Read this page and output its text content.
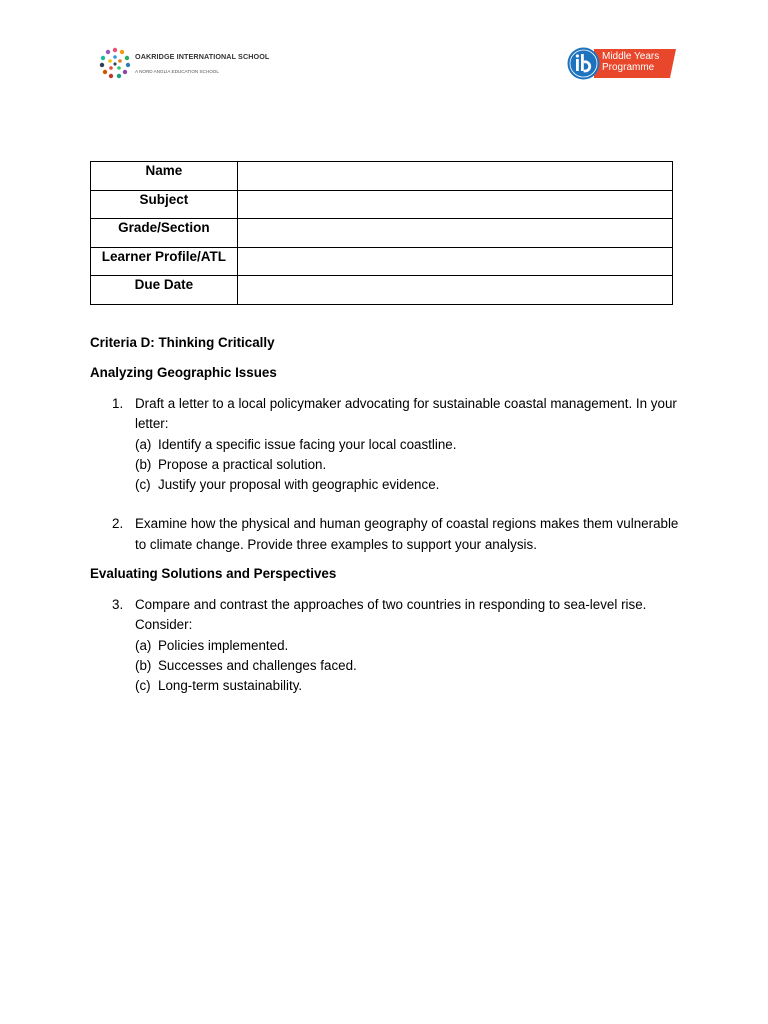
OAKRIDGE INTERNATIONAL SCHOOL
A NORD ANGLIA EDUCATION SCHOOL
Middle Years
Programme
Name	
Subject	
Grade/Section	
Learner Profile/ATL	
Due Date	

Criteria D: Thinking Critically

Analyzing Geographic Issues

1. Draft a letter to a local policymaker advocating for sustainable coastal management. In your letter:
(a) Identify a specific issue facing your local coastline.
(b) Propose a practical solution.
(c) Justify your proposal with geographic evidence.
2. Examine how the physical and human geography of coastal regions makes them vulnerable to climate change. Provide three examples to support your analysis.

Evaluating Solutions and Perspectives

3. Compare and contrast the approaches of two countries in responding to sea-level rise. Consider:
(a) Policies implemented.
(b) Successes and challenges faced.
(c) Long-term sustainability.
